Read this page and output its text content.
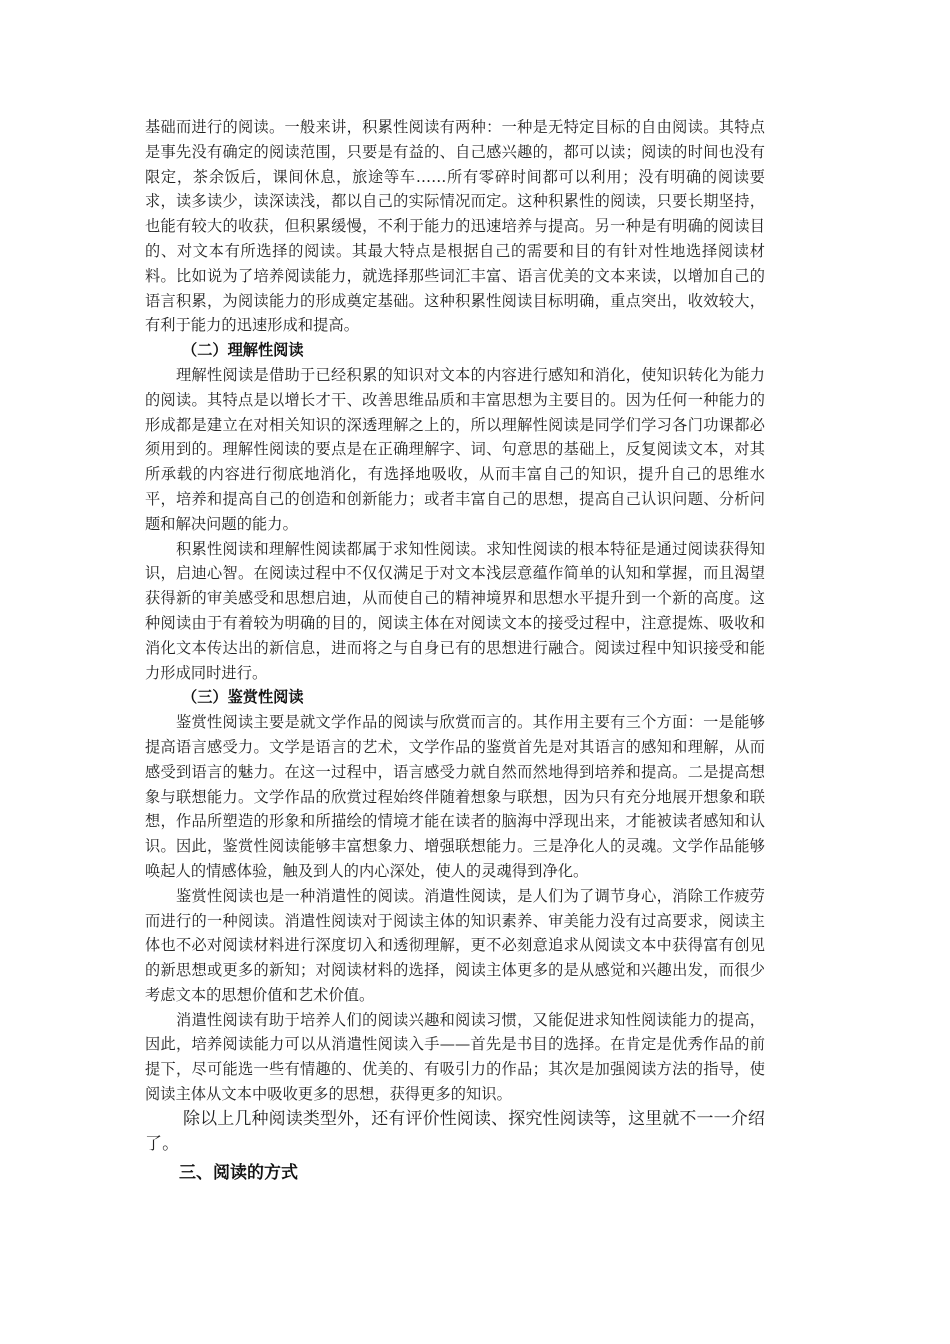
基础而进行的阅读。一般来讲，积累性阅读有两种：一种是无特定目标的自由阅读。其特点是事先没有确定的阅读范围，只要是有益的、自己感兴趣的，都可以读；阅读的时间也没有限定，茶余饭后，课间休息，旅途等车……所有零碎时间都可以利用；没有明确的阅读要求，读多读少，读深读浅，都以自己的实际情况而定。这种积累性的阅读，只要长期坚持，也能有较大的收获，但积累缓慢，不利于能力的迅速培养与提高。另一种是有明确的阅读目的、对文本有所选择的阅读。其最大特点是根据自己的需要和目的有针对性地选择阅读材料。比如说为了培养阅读能力，就选择那些词汇丰富、语言优美的文本来读，以增加自己的语言积累，为阅读能力的形成奠定基础。这种积累性阅读目标明确，重点突出，收效较大，有利于能力的迅速形成和提高。

（二）理解性阅读

理解性阅读是借助于已经积累的知识对文本的内容进行感知和消化，使知识转化为能力的阅读。其特点是以增长才干、改善思维品质和丰富思想为主要目的。因为任何一种能力的形成都是建立在对相关知识的深透理解之上的，所以理解性阅读是同学们学习各门功课都必须用到的。理解性阅读的要点是在正确理解字、词、句意思的基础上，反复阅读文本，对其所承载的内容进行彻底地消化，有选择地吸收，从而丰富自己的知识，提升自己的思维水平，培养和提高自己的创造和创新能力；或者丰富自己的思想，提高自己认识问题、分析问题和解决问题的能力。

积累性阅读和理解性阅读都属于求知性阅读。求知性阅读的根本特征是通过阅读获得知识，启迪心智。在阅读过程中不仅仅满足于对文本浅层意蕴作简单的认知和掌握，而且渴望获得新的审美感受和思想启迪，从而使自己的精神境界和思想水平提升到一个新的高度。这种阅读由于有着较为明确的目的，阅读主体在对阅读文本的接受过程中，注意提炼、吸收和消化文本传达出的新信息，进而将之与自身已有的思想进行融合。阅读过程中知识接受和能力形成同时进行。

（三）鉴赏性阅读

鉴赏性阅读主要是就文学作品的阅读与欣赏而言的。其作用主要有三个方面：一是能够提高语言感受力。文学是语言的艺术，文学作品的鉴赏首先是对其语言的感知和理解，从而感受到语言的魅力。在这一过程中，语言感受力就自然而然地得到培养和提高。二是提高想象与联想能力。文学作品的欣赏过程始终伴随着想象与联想，因为只有充分地展开想象和联想，作品所塑造的形象和所描绘的情境才能在读者的脑海中浮现出来，才能被读者感知和认识。因此，鉴赏性阅读能够丰富想象力、增强联想能力。三是净化人的灵魂。文学作品能够唤起人的情感体验，触及到人的内心深处，使人的灵魂得到净化。

鉴赏性阅读也是一种消遣性的阅读。消遣性阅读，是人们为了调节身心，消除工作疲劳而进行的一种阅读。消遣性阅读对于阅读主体的知识素养、审美能力没有过高要求，阅读主体也不必对阅读材料进行深度切入和透彻理解，更不必刻意追求从阅读文本中获得富有创见的新思想或更多的新知；对阅读材料的选择，阅读主体更多的是从感觉和兴趣出发，而很少考虑文本的思想价值和艺术价值。

消遣性阅读有助于培养人们的阅读兴趣和阅读习惯，又能促进求知性阅读能力的提高，因此，培养阅读能力可以从消遣性阅读入手——首先是书目的选择。在肯定是优秀作品的前提下，尽可能选一些有情趣的、优美的、有吸引力的作品；其次是加强阅读方法的指导，使阅读主体从文本中吸收更多的思想，获得更多的知识。

除以上几种阅读类型外，还有评价性阅读、探究性阅读等，这里就不一一介绍了。

三、阅读的方式
